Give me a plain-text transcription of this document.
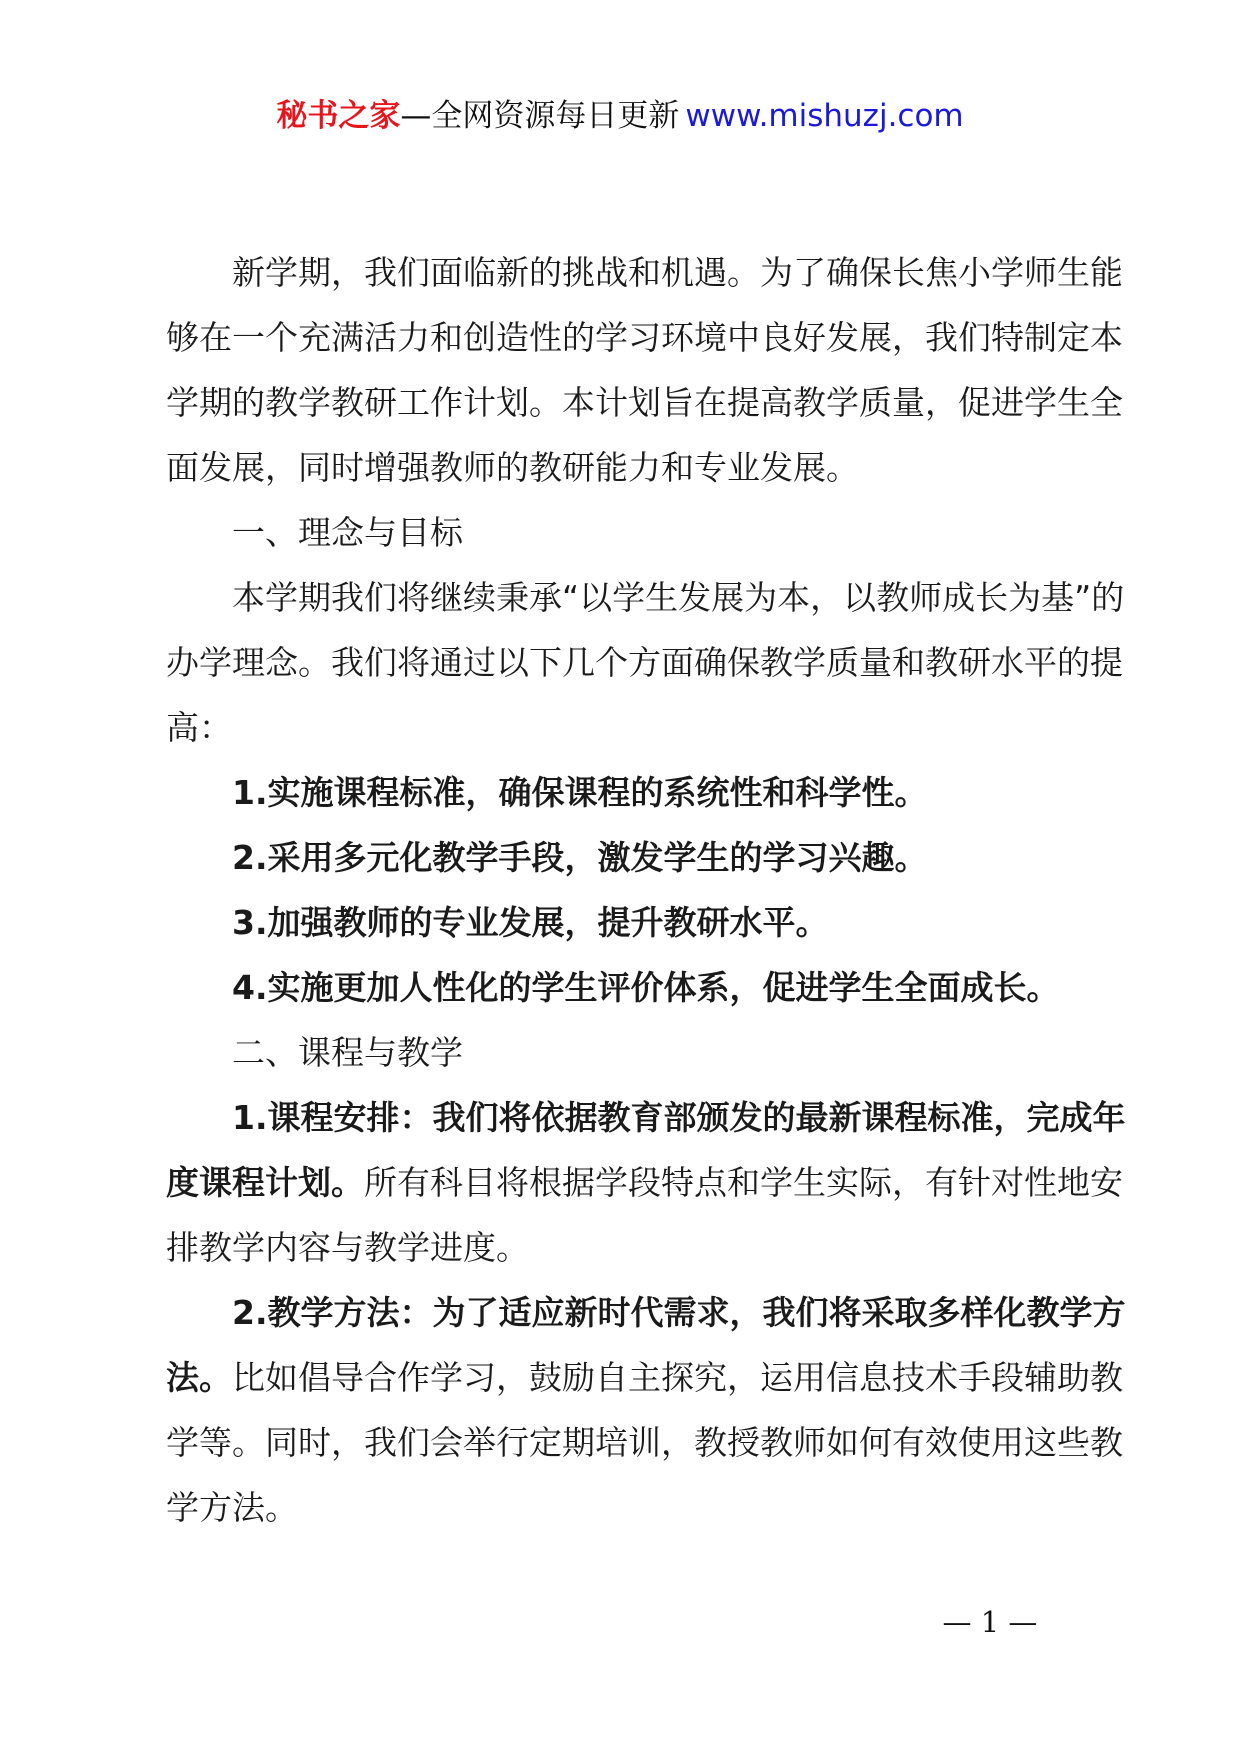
秘书之家—全网资源每日更新 www.mishuzj.com

新学期，我们面临新的挑战和机遇。为了确保长焦小学师生能够在一个充满活力和创造性的学习环境中良好发展，我们特制定本学期的教学教研工作计划。本计划旨在提高教学质量，促进学生全面发展，同时增强教师的教研能力和专业发展。

一、理念与目标

本学期我们将继续秉承“以学生发展为本，以教师成长为基”的办学理念。我们将通过以下几个方面确保教学质量和教研水平的提高：

1.实施课程标准，确保课程的系统性和科学性。

2.采用多元化教学手段，激发学生的学习兴趣。

3.加强教师的专业发展，提升教研水平。

4.实施更加人性化的学生评价体系，促进学生全面成长。

二、课程与教学

1.课程安排：我们将依据教育部颁发的最新课程标准，完成年度课程计划。所有科目将根据学段特点和学生实际，有针对性地安排教学内容与教学进度。

2.教学方法：为了适应新时代需求，我们将采取多样化教学方法。比如倡导合作学习，鼓励自主探究，运用信息技术手段辅助教学等。同时，我们会举行定期培训，教授教师如何有效使用这些教学方法。

— 1 —
